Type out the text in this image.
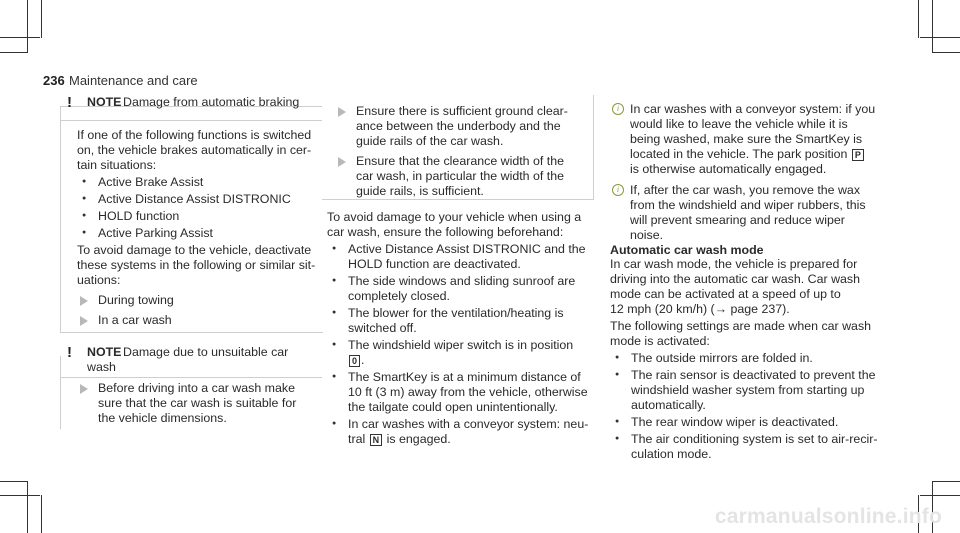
236 Maintenance and care
! NOTE Damage from automatic braking
If one of the following functions is switched
on, the vehicle brakes automatically in cer-
tain situations:
● Active Brake Assist
● Active Distance Assist DISTRONIC
● HOLD function
● Active Parking Assist
To avoid damage to the vehicle, deactivate
these systems in the following or similar sit-
uations:
During towing
In a car wash
! NOTE Damage due to unsuitable car
wash
Before driving into a car wash make
sure that the car wash is suitable for
the vehicle dimensions.
Ensure there is sufficient ground clear-
ance between the underbody and the
guide rails of the car wash.
Ensure that the clearance width of the
car wash, in particular the width of the
guide rails, is sufficient.
To avoid damage to your vehicle when using a
car wash, ensure the following beforehand:
● Active Distance Assist DISTRONIC and the
HOLD function are deactivated.
● The side windows and sliding sunroof are
completely closed.
● The blower for the ventilation/heating is
switched off.
● The windshield wiper switch is in position
0 .
● The SmartKey is at a minimum distance of
10 ft (3 m) away from the vehicle, otherwise
the tailgate could open unintentionally.
● In car washes with a conveyor system: neu-
tral N is engaged.
i In car washes with a conveyor system: if you
would like to leave the vehicle while it is
being washed, make sure the SmartKey is
located in the vehicle. The park position P
is otherwise automatically engaged.
i If, after the car wash, you remove the wax
from the windshield and wiper rubbers, this
will prevent smearing and reduce wiper
noise.
Automatic car wash mode
In car wash mode, the vehicle is prepared for
driving into the automatic car wash. Car wash
mode can be activated at a speed of up to
12 mph (20 km/h) (→ page 237).
The following settings are made when car wash
mode is activated:
● The outside mirrors are folded in.
● The rain sensor is deactivated to prevent the
windshield washer system from starting up
automatically.
● The rear window wiper is deactivated.
● The air conditioning system is set to air-recir-
culation mode.
carmanualsonline.info
